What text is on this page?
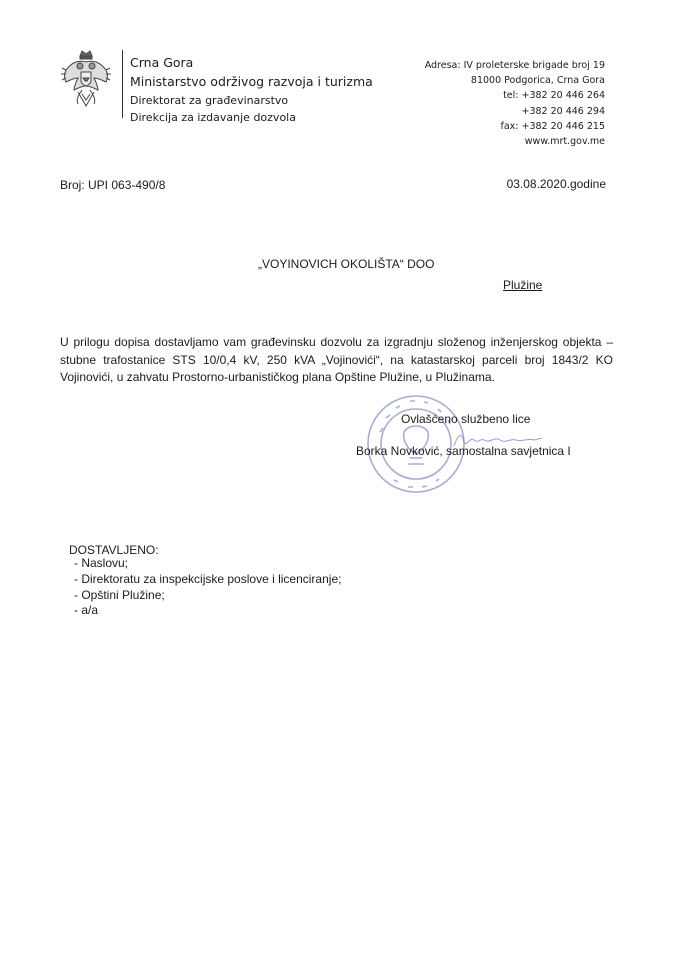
Crna Gora
Ministarstvo održivog razvoja i turizma
Direktorat za građevinarstvo
Direkcija za izdavanje dozvola
Adresa: IV proleterske brigade broj 19
81000 Podgorica, Crna Gora
tel: +382 20 446 264
+382 20 446 294
fax: +382 20 446 215
www.mrt.gov.me
Broj: UPI 063-490/8	03.08.2020.godine
„VOYINOVICH OKOLIŠTA“ DOO
Plužine
U prilogu dopisa dostavljamo vam građevinsku dozvolu za izgradnju složenog inženjerskog objekta – stubne trafostanice STS 10/0,4 kV, 250 kVA „Vojinovići“, na katastarskoj parceli broj 1843/2 KO Vojinovići, u zahvatu Prostorno-urbanističkog plana Opštine Plužine, u Plužinama.
Ovlašćeno službeno lice
Borka Novković, samostalna savjetnica I
DOSTAVLJENO:
- Naslovu;
- Direktoratu za inspekcijske poslove i licenciranje;
- Opštini Plužine;
- a/a
